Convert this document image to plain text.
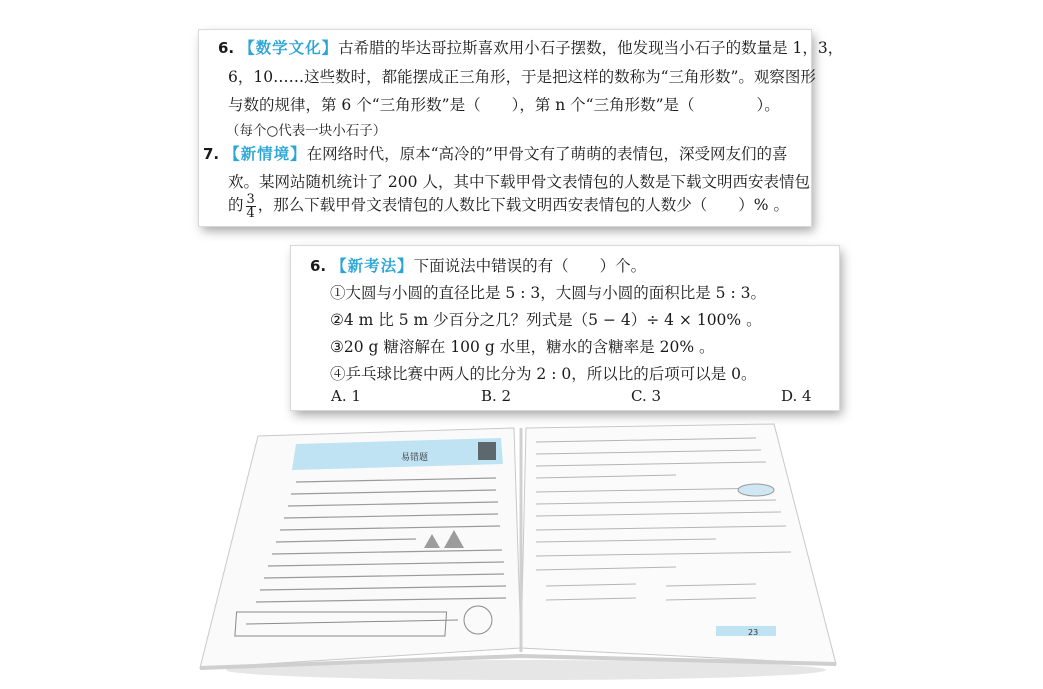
6. 【数学文化】古希腊的毕达哥拉斯喜欢用小石子摆数，他发现当小石子的数量是 1，3，
6，10……这些数时，都能摆成正三角形，于是把这样的数称为“三角形数”。观察图形
与数的规律，第 6 个“三角形数”是（　　），第 n 个“三角形数”是（　　　　）。
（每个○代表一块小石子）
7. 【新情境】在网络时代，原本“高冷的”甲骨文有了萌萌的表情包，深受网友们的喜
欢。某网站随机统计了 200 人，其中下载甲骨文表情包的人数是下载文明西安表情包
的 $\frac{3}{4}$ ，那么下载甲骨文表情包的人数比下载文明西安表情包的人数少（　　）% 。
6. 【新考法】下面说法中错误的有（　　）个。
①大圆与小圆的直径比是 5 : 3，大圆与小圆的面积比是 5 : 3。
②4 m 比 5 m 少百分之几？列式是（5 − 4）÷ 4 × 100% 。
③20 g 糖溶解在 100 g 水里，糖水的含糖率是 20% 。
④乒乓球比赛中两人的比分为 2 : 0，所以比的后项可以是 0。
A. 1	B. 2	C. 3	D. 4
易错题
23
